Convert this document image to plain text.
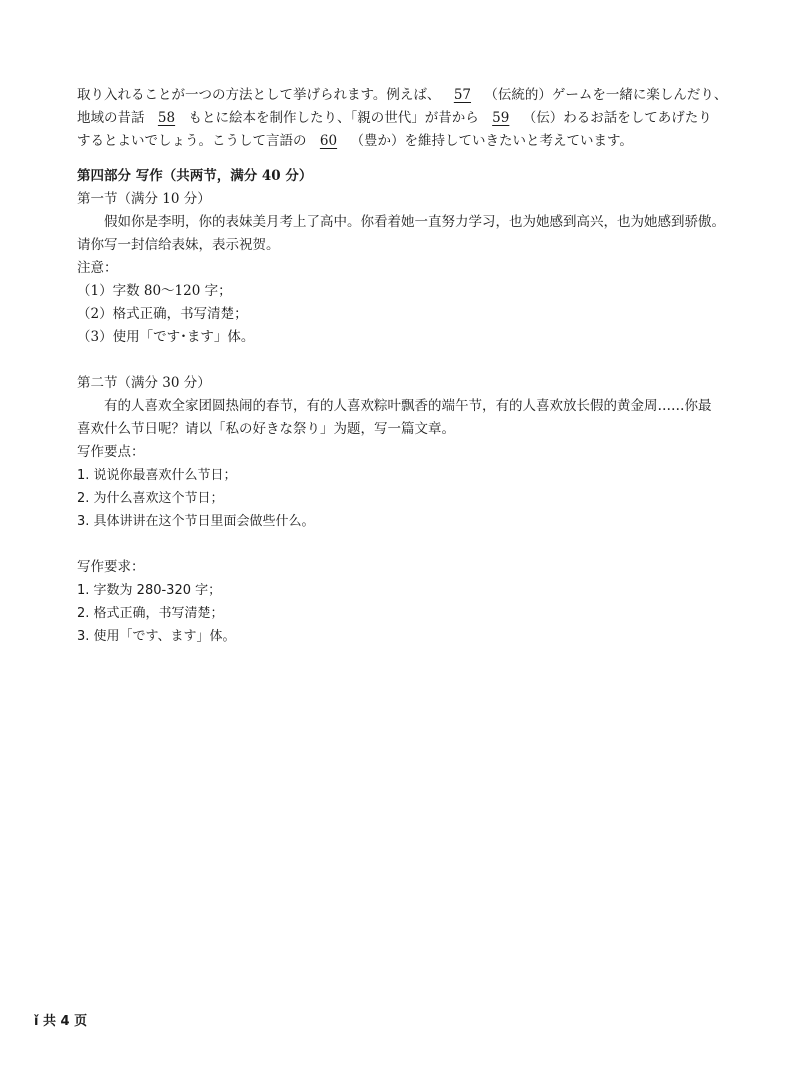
取り入れることが一つの方法として挙げられます。例えば、 57 （伝統的）ゲームを一緒に楽しんだり、
地域の昔話 58 もとに絵本を制作したり、「親の世代」が昔から 59 （伝）わるお話をしてあげたり
するとよいでしょう。こうして言語の 60 （豊か）を維持していきたいと考えています。
第四部分 写作（共两节，满分 40 分）
第一节（满分 10 分）
假如你是李明，你的表妹美月考上了高中。你看着她一直努力学习，也为她感到高兴，也为她感到骄傲。
请你写一封信给表妹，表示祝贺。
注意：
（1）字数 80～120 字；
（2）格式正确，书写清楚；
（3）使用「です･ます」体。
第二节（满分 30 分）
有的人喜欢全家团圆热闹的春节，有的人喜欢粽叶飘香的端午节，有的人喜欢放长假的黄金周……你最
喜欢什么节日呢？请以「私の好きな祭り」为题，写一篇文章。
写作要点：
1. 说说你最喜欢什么节日；
2. 为什么喜欢这个节日；
3. 具体讲讲在这个节日里面会做些什么。
写作要求：
1. 字数为 280-320 字；
2. 格式正确，书写清楚；
3. 使用「です、ます」体。
ǐ 共 4 页
